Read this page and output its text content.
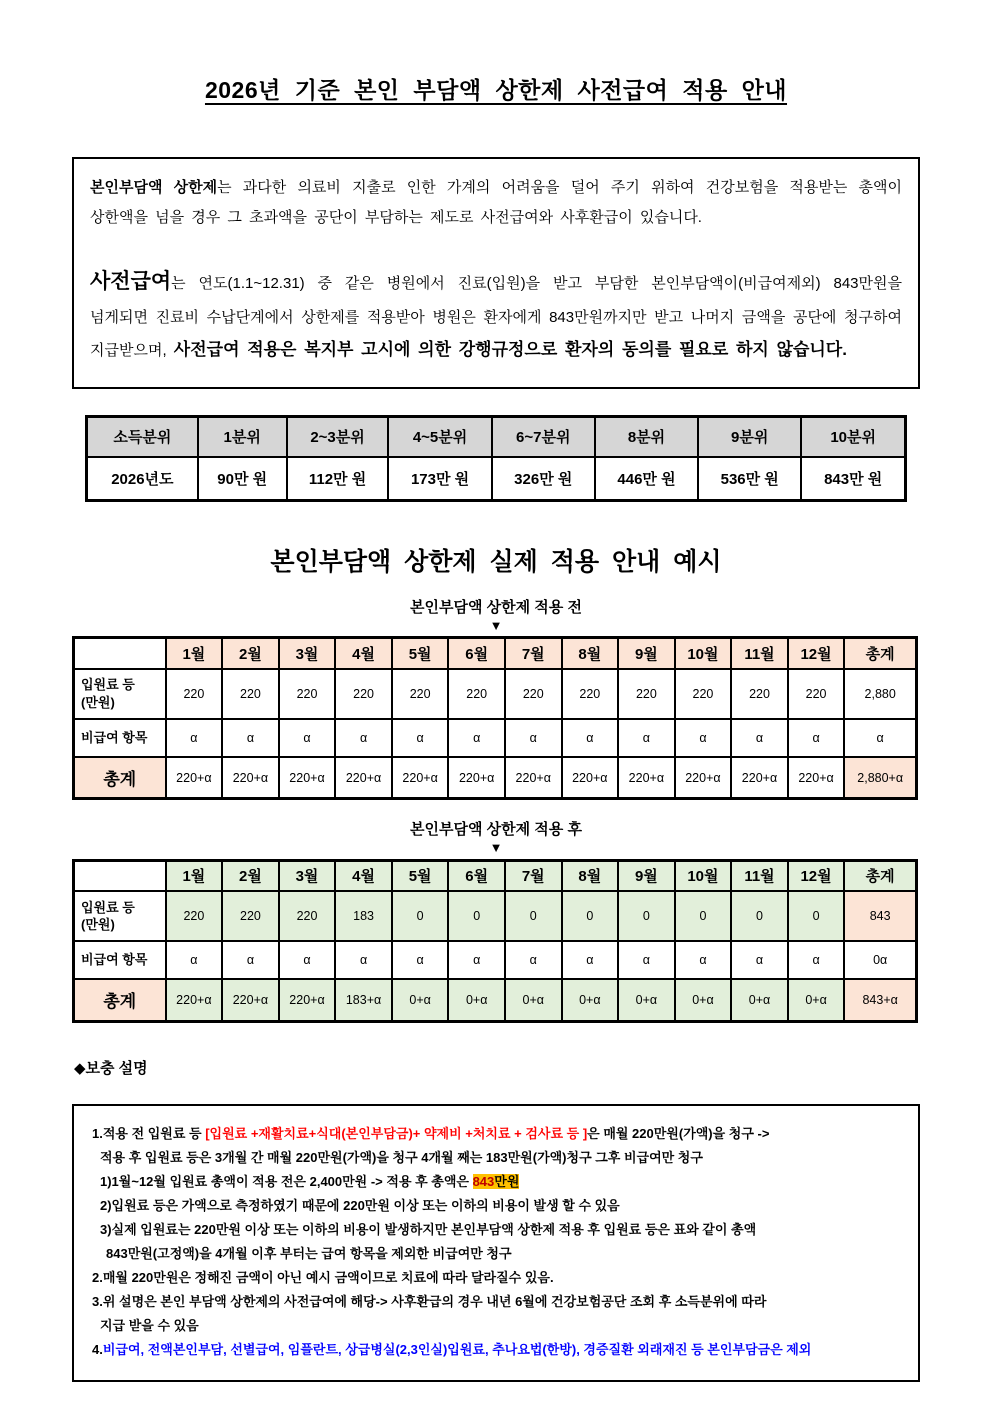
2026년 기준 본인 부담액 상한제 사전급여 적용 안내

본인부담액 상한제는 과다한 의료비 지출로 인한 가계의 어려움을 덜어 주기 위하여 건강보험을 적용받는 총액이 상한액을 넘을 경우 그 초과액을 공단이 부담하는 제도로 사전급여와 사후환급이 있습니다.

사전급여는 연도(1.1~12.31) 중 같은 병원에서 진료(입원)을 받고 부담한 본인부담액이(비급여제외) 843만원을 넘게되면 진료비 수납단계에서 상한제를 적용받아 병원은 환자에게 843만원까지만 받고 나머지 금액을 공단에 청구하여 지급받으며, 사전급여 적용은 복지부 고시에 의한 강행규정으로 환자의 동의를 필요로 하지 않습니다.

소득분위	1분위	2~3분위	4~5분위	6~7분위	8분위	9분위	10분위
2026년도	90만 원	112만 원	173만 원	326만 원	446만 원	536만 원	843만 원
본인부담액 상한제 실제 적용 안내 예시
본인부담액 상한제 적용 전
▼
	1월	2월	3월	4월	5월	6월	7월	8월	9월	10월	11월	12월	총계
입원료 등
(만원)	220	220	220	220	220	220	220	220	220	220	220	220	2,880
비급여 항목	α	α	α	α	α	α	α	α	α	α	α	α	α
총계	220+α	220+α	220+α	220+α	220+α	220+α	220+α	220+α	220+α	220+α	220+α	220+α	2,880+α
본인부담액 상한제 적용 후
▼
	1월	2월	3월	4월	5월	6월	7월	8월	9월	10월	11월	12월	총계
입원료 등
(만원)	220	220	220	183	0	0	0	0	0	0	0	0	843
비급여 항목	α	α	α	α	α	α	α	α	α	α	α	α	0α
총계	220+α	220+α	220+α	183+α	0+α	0+α	0+α	0+α	0+α	0+α	0+α	0+α	843+α
◆보충 설명
1.적용 전 입원료 등 [입원료 +재활치료+식대(본인부담금)+ 약제비 +처치료 + 검사료 등 ]은 매월 220만원(가액)을 청구 ->
적용 후 입원료 등은 3개월 간 매월 220만원(가액)을 청구 4개월 째는 183만원(가액)청구 그후 비급여만 청구
1)1월~12월 입원료 총액이 적용 전은 2,400만원 -> 적용 후 총액은 843만원
2)입원료 등은 가액으로 측정하였기 때문에 220만원 이상 또는 이하의 비용이 발생 할 수 있음
3)실제 입원료는 220만원 이상 또는 이하의 비용이 발생하지만 본인부담액 상한제 적용 후 입원료 등은 표와 같이 총액
843만원(고정액)을 4개월 이후 부터는 급여 항목을 제외한 비급여만 청구
2.매월 220만원은 정해진 금액이 아닌 예시 금액이므로 치료에 따라 달라질수 있음.
3.위 설명은 본인 부담액 상한제의 사전급여에 해당-> 사후환급의 경우 내년 6월에 건강보험공단 조회 후 소득분위에 따라
지급 받을 수 있음
4.비급여, 전액본인부담, 선별급여, 임플란트, 상급병실(2,3인실)입원료, 추나요법(한방), 경증질환 외래재진 등 본인부담금은 제외
